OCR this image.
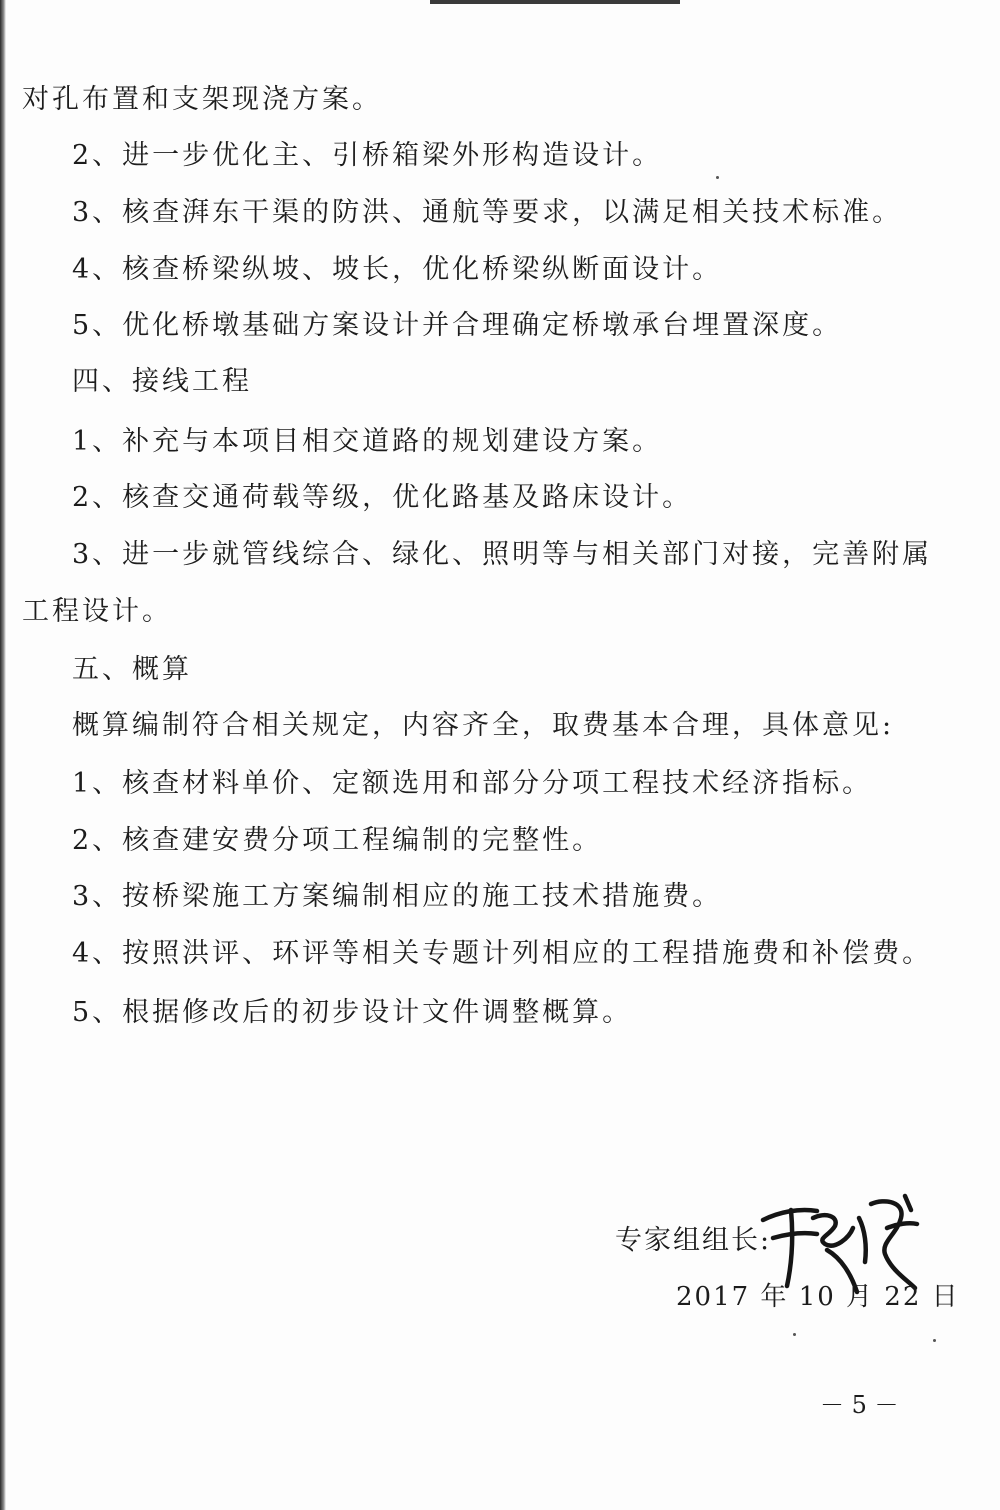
对孔布置和支架现浇方案。
2、进一步优化主、引桥箱梁外形构造设计。
3、核查湃东干渠的防洪、通航等要求，以满足相关技术标准。
4、核查桥梁纵坡、坡长，优化桥梁纵断面设计。
5、优化桥墩基础方案设计并合理确定桥墩承台埋置深度。
四、接线工程
1、补充与本项目相交道路的规划建设方案。
2、核查交通荷载等级，优化路基及路床设计。
3、进一步就管线综合、绿化、照明等与相关部门对接，完善附属
工程设计。
五、概算
概算编制符合相关规定，内容齐全，取费基本合理，具体意见:
1、核查材料单价、定额选用和部分分项工程技术经济指标。
2、核查建安费分项工程编制的完整性。
3、按桥梁施工方案编制相应的施工技术措施费。
4、按照洪评、环评等相关专题计列相应的工程措施费和补偿费。
5、根据修改后的初步设计文件调整概算。
专家组组长:
2017 年 10 月 22 日
－ 5 －
